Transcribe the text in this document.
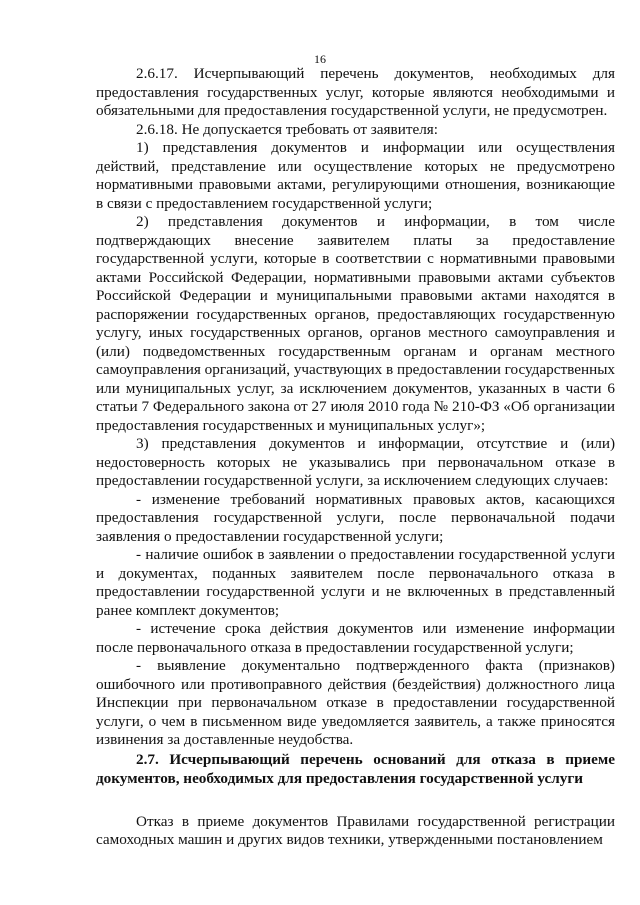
16

2.6.17. Исчерпывающий перечень документов, необходимых для предоставления государственных услуг, которые являются необходимыми и обязательными для предоставления государственной услуги, не предусмотрен.

2.6.18. Не допускается требовать от заявителя:

1) представления документов и информации или осуществления действий, представление или осуществление которых не предусмотрено нормативными правовыми актами, регулирующими отношения, возникающие в связи с предоставлением государственной услуги;

2) представления документов и информации, в том числе подтверждающих внесение заявителем платы за предоставление государственной услуги, которые в соответствии с нормативными правовыми актами Российской Федерации, нормативными правовыми актами субъектов Российской Федерации и муниципальными правовыми актами находятся в распоряжении государственных органов, предоставляющих государственную услугу, иных государственных органов, органов местного самоуправления и (или) подведомственных государственным органам и органам местного самоуправления организаций, участвующих в предоставлении государственных или муниципальных услуг, за исключением документов, указанных в части 6 статьи 7 Федерального закона от 27 июля 2010 года № 210-ФЗ «Об организации предоставления государственных и муниципальных услуг»;

3) представления документов и информации, отсутствие и (или) недостоверность которых не указывались при первоначальном отказе в предоставлении государственной услуги, за исключением следующих случаев:

- изменение требований нормативных правовых актов, касающихся предоставления государственной услуги, после первоначальной подачи заявления о предоставлении государственной услуги;

- наличие ошибок в заявлении о предоставлении государственной услуги и документах, поданных заявителем после первоначального отказа в предоставлении государственной услуги и не включенных в представленный ранее комплект документов;

- истечение срока действия документов или изменение информации после первоначального отказа в предоставлении государственной услуги;

- выявление документально подтвержденного факта (признаков) ошибочного или противоправного действия (бездействия) должностного лица Инспекции при первоначальном отказе в предоставлении государственной услуги, о чем в письменном виде уведомляется заявитель, а также приносятся извинения за доставленные неудобства.

2.7. Исчерпывающий перечень оснований для отказа в приеме документов, необходимых для предоставления государственной услуги

Отказ в приеме документов Правилами государственной регистрации самоходных машин и других видов техники, утвержденными постановлением
